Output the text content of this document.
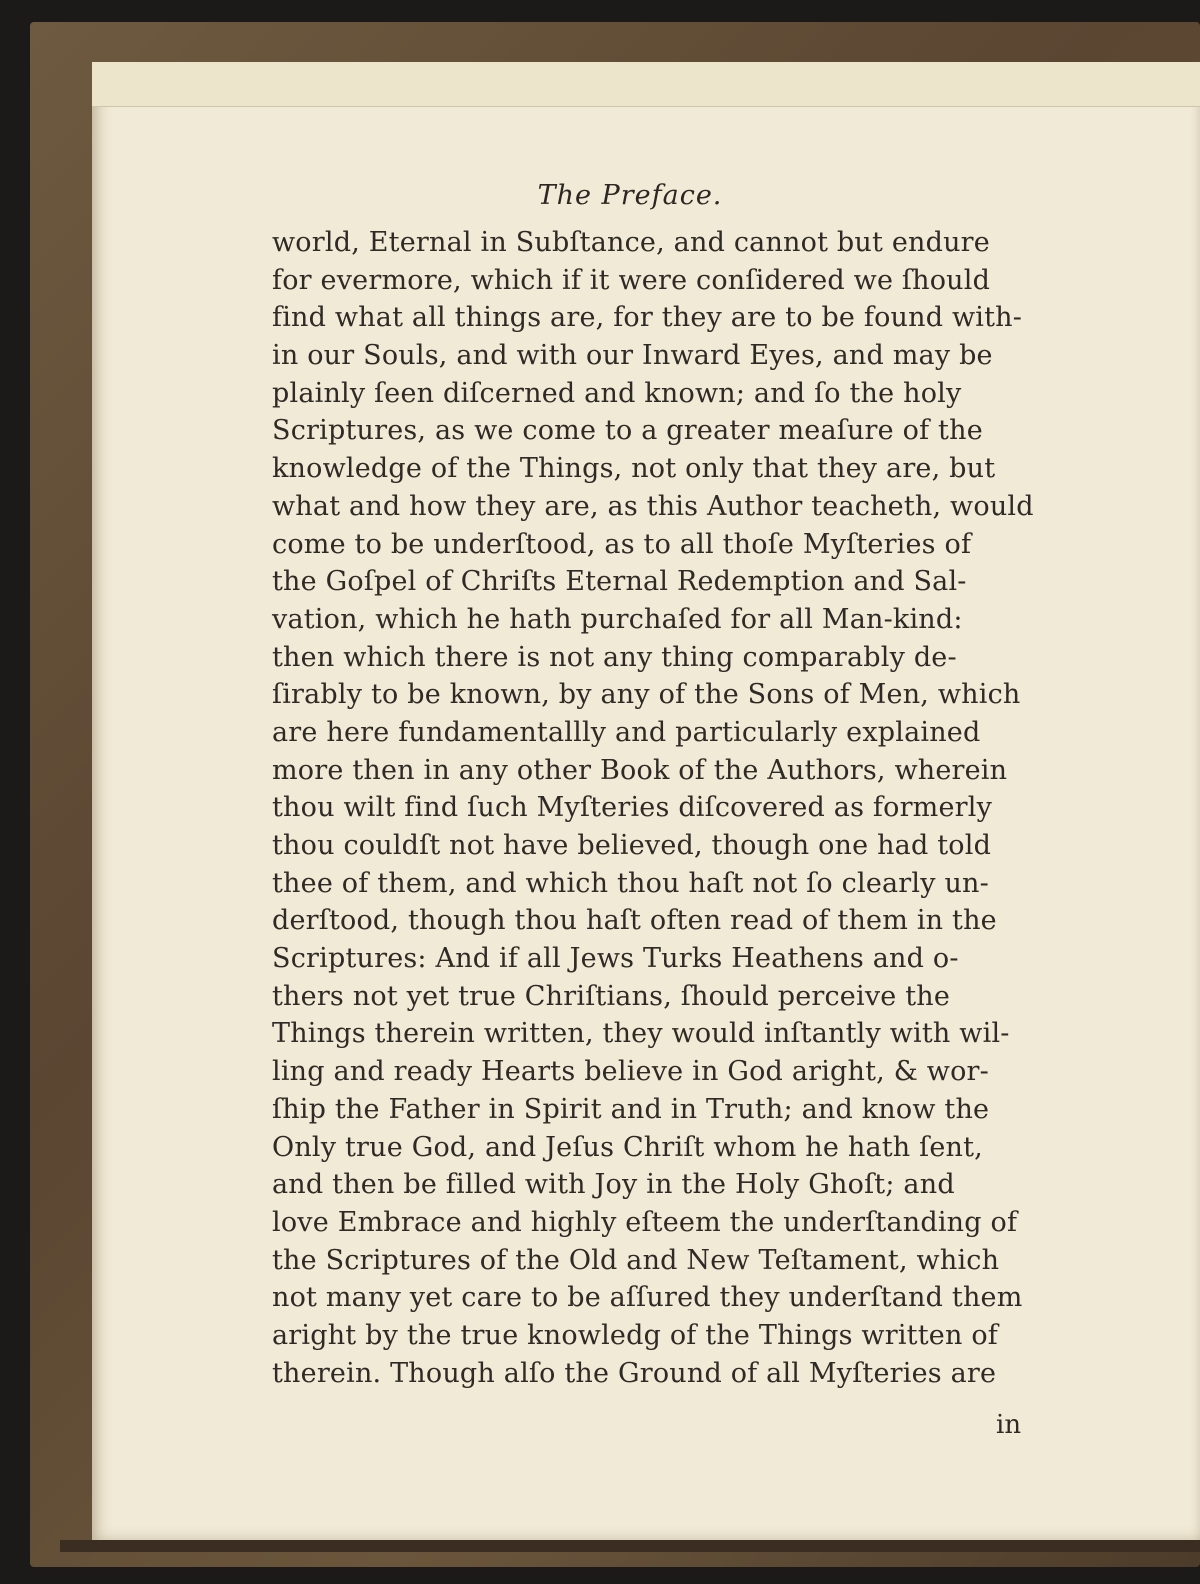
The Preface.
world, Eternal in Subſtance, and cannot but endure
for evermore, which if it were conſidered we ſhould
find what all things are, for they are to be found with-
in our Souls, and with our Inward Eyes, and may be
plainly ſeen diſcerned and known; and ſo the holy
Scriptures, as we come to a greater meaſure of the
knowledge of the Things, not only that they are, but
what and how they are, as this Author teacheth, would
come to be underſtood, as to all thoſe Myſteries of
the Goſpel of Chriſts Eternal Redemption and Sal-
vation, which he hath purchaſed for all Man-kind:
then which there is not any thing comparably de-
ſirably to be known, by any of the Sons of Men, which
are here fundamentallly and particularly explained
more then in any other Book of the Authors, wherein
thou wilt find ſuch Myſteries diſcovered as formerly
thou couldſt not have believed, though one had told
thee of them, and which thou haſt not ſo clearly un-
derſtood, though thou haſt often read of them in the
Scriptures: And if all Jews Turks Heathens and o-
thers not yet true Chriſtians, ſhould perceive the
Things therein written, they would inſtantly with wil-
ling and ready Hearts believe in God aright, & wor-
ſhip the Father in Spirit and in Truth; and know the
Only true God, and Jeſus Chriſt whom he hath ſent,
and then be filled with Joy in the Holy Ghoſt; and
love Embrace and highly eſteem the underſtanding of
the Scriptures of the Old and New Teſtament, which
not many yet care to be aſſured they underſtand them
aright by the true knowledg of the Things written of
therein. Though alſo the Ground of all Myſteries are
in
